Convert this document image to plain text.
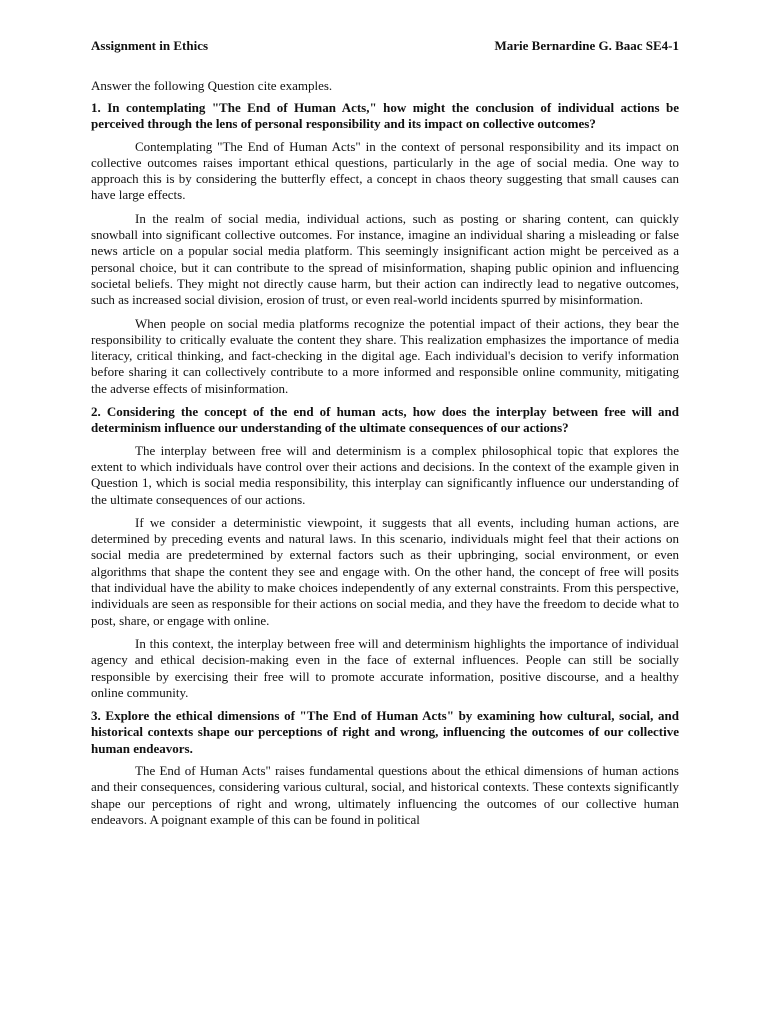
Assignment in Ethics	Marie Bernardine G. Baac SE4-1

Answer the following Question cite examples.

1. In contemplating "The End of Human Acts," how might the conclusion of individual actions be perceived through the lens of personal responsibility and its impact on collective outcomes?

Contemplating "The End of Human Acts" in the context of personal responsibility and its impact on collective outcomes raises important ethical questions, particularly in the age of social media. One way to approach this is by considering the butterfly effect, a concept in chaos theory suggesting that small causes can have large effects.

In the realm of social media, individual actions, such as posting or sharing content, can quickly snowball into significant collective outcomes. For instance, imagine an individual sharing a misleading or false news article on a popular social media platform. This seemingly insignificant action might be perceived as a personal choice, but it can contribute to the spread of misinformation, shaping public opinion and influencing societal beliefs. They might not directly cause harm, but their action can indirectly lead to negative outcomes, such as increased social division, erosion of trust, or even real-world incidents spurred by misinformation.

When people on social media platforms recognize the potential impact of their actions, they bear the responsibility to critically evaluate the content they share. This realization emphasizes the importance of media literacy, critical thinking, and fact-checking in the digital age. Each individual's decision to verify information before sharing it can collectively contribute to a more informed and responsible online community, mitigating the adverse effects of misinformation.

2. Considering the concept of the end of human acts, how does the interplay between free will and determinism influence our understanding of the ultimate consequences of our actions?

The interplay between free will and determinism is a complex philosophical topic that explores the extent to which individuals have control over their actions and decisions. In the context of the example given in Question 1, which is social media responsibility, this interplay can significantly influence our understanding of the ultimate consequences of our actions.

If we consider a deterministic viewpoint, it suggests that all events, including human actions, are determined by preceding events and natural laws. In this scenario, individuals might feel that their actions on social media are predetermined by external factors such as their upbringing, social environment, or even algorithms that shape the content they see and engage with. On the other hand, the concept of free will posits that individual have the ability to make choices independently of any external constraints. From this perspective, individuals are seen as responsible for their actions on social media, and they have the freedom to decide what to post, share, or engage with online.

In this context, the interplay between free will and determinism highlights the importance of individual agency and ethical decision-making even in the face of external influences. People can still be socially responsible by exercising their free will to promote accurate information, positive discourse, and a healthy online community.

3. Explore the ethical dimensions of "The End of Human Acts" by examining how cultural, social, and historical contexts shape our perceptions of right and wrong, influencing the outcomes of our collective human endeavors.

The End of Human Acts" raises fundamental questions about the ethical dimensions of human actions and their consequences, considering various cultural, social, and historical contexts. These contexts significantly shape our perceptions of right and wrong, ultimately influencing the outcomes of our collective human endeavors. A poignant example of this can be found in political
